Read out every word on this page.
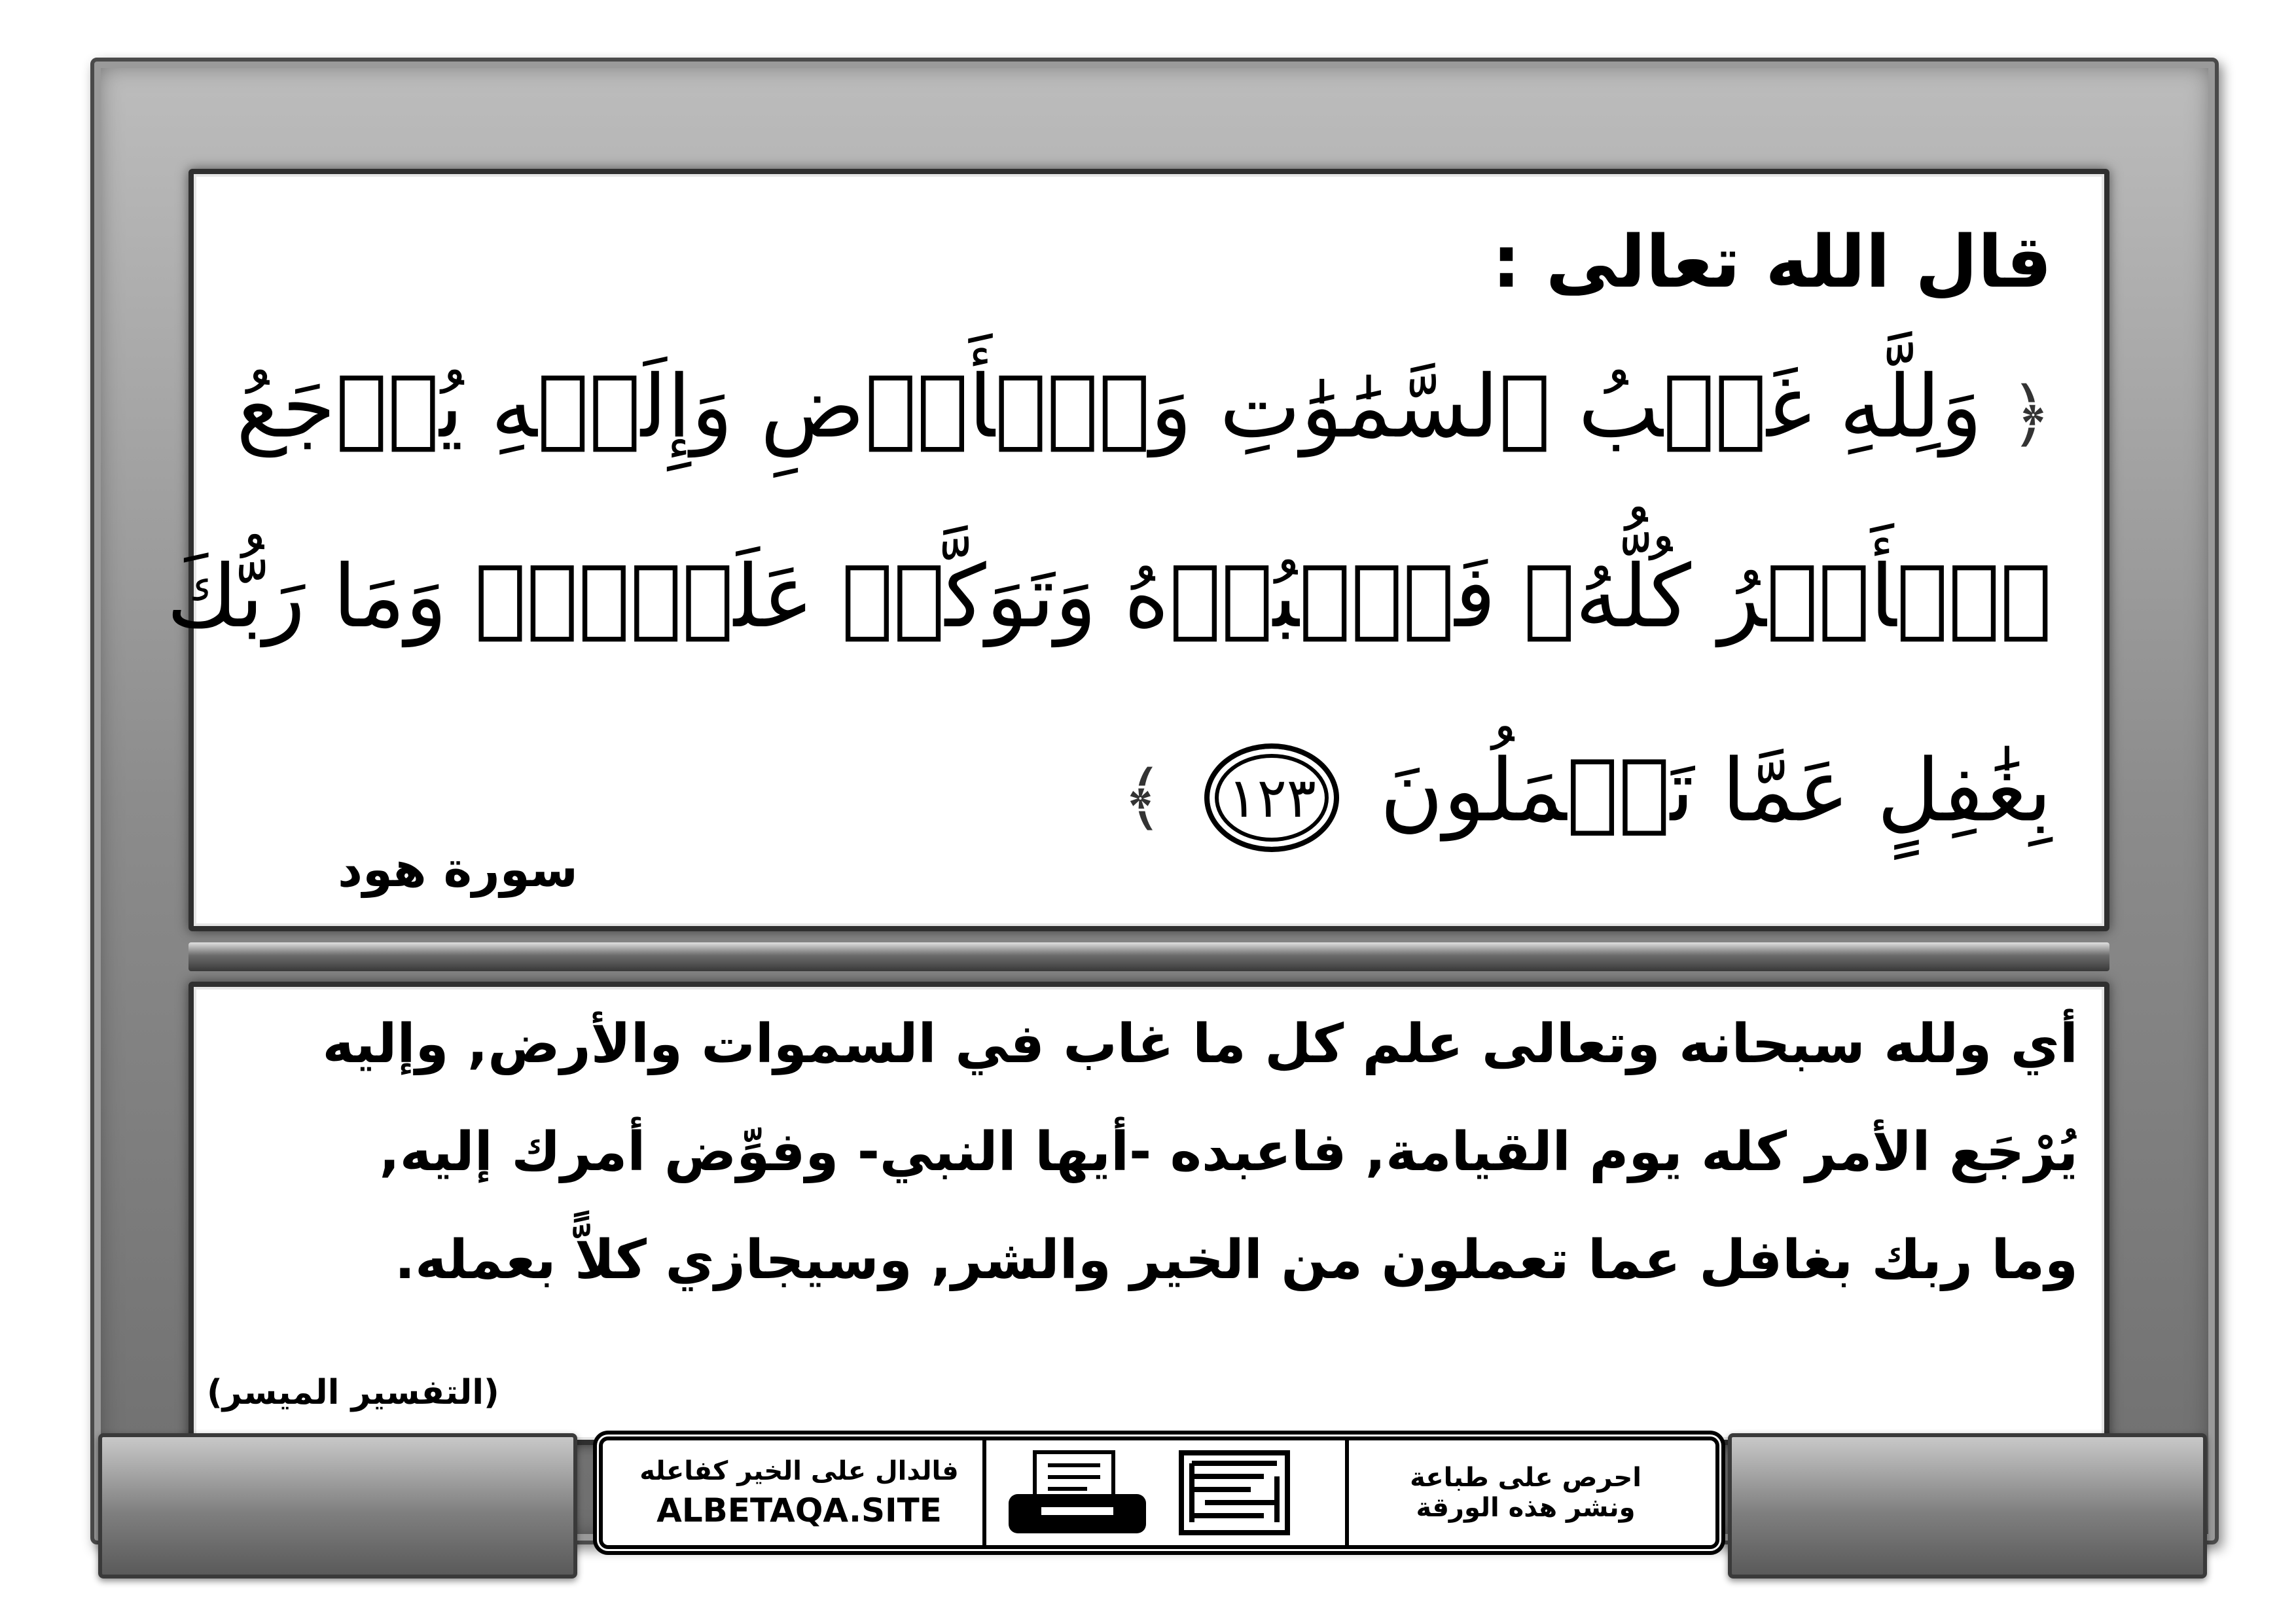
قال الله تعالى :
﴿ وَلِلَّهِ غَيۡبُ ٱلسَّمَٰوَٰتِ وَٱلۡأَرۡضِ وَإِلَيۡهِ يُرۡجَعُ
ٱلۡأَمۡرُ كُلُّهُۥ فَٱعۡبُدۡهُ وَتَوَكَّلۡ عَلَيۡهِۚ وَمَا رَبُّكَ
بِغَٰفِلٍ عَمَّا تَعۡمَلُونَ ١٢٣ ﴾
سورة هود
أي ولله سبحانه وتعالى علم كل ما غاب في السموات والأرض, وإليه
يُرْجَع الأمر كله يوم القيامة, فاعبده -أيها النبي- وفوِّض أمرك إليه,
وما ربك بغافل عما تعملون من الخير والشر, وسيجازي كلاًّ بعمله.
(التفسير الميسر)
احرص على طباعة
ونشر هذه الورقة
فالدال على الخير كفاعله
ALBETAQA.SITE
